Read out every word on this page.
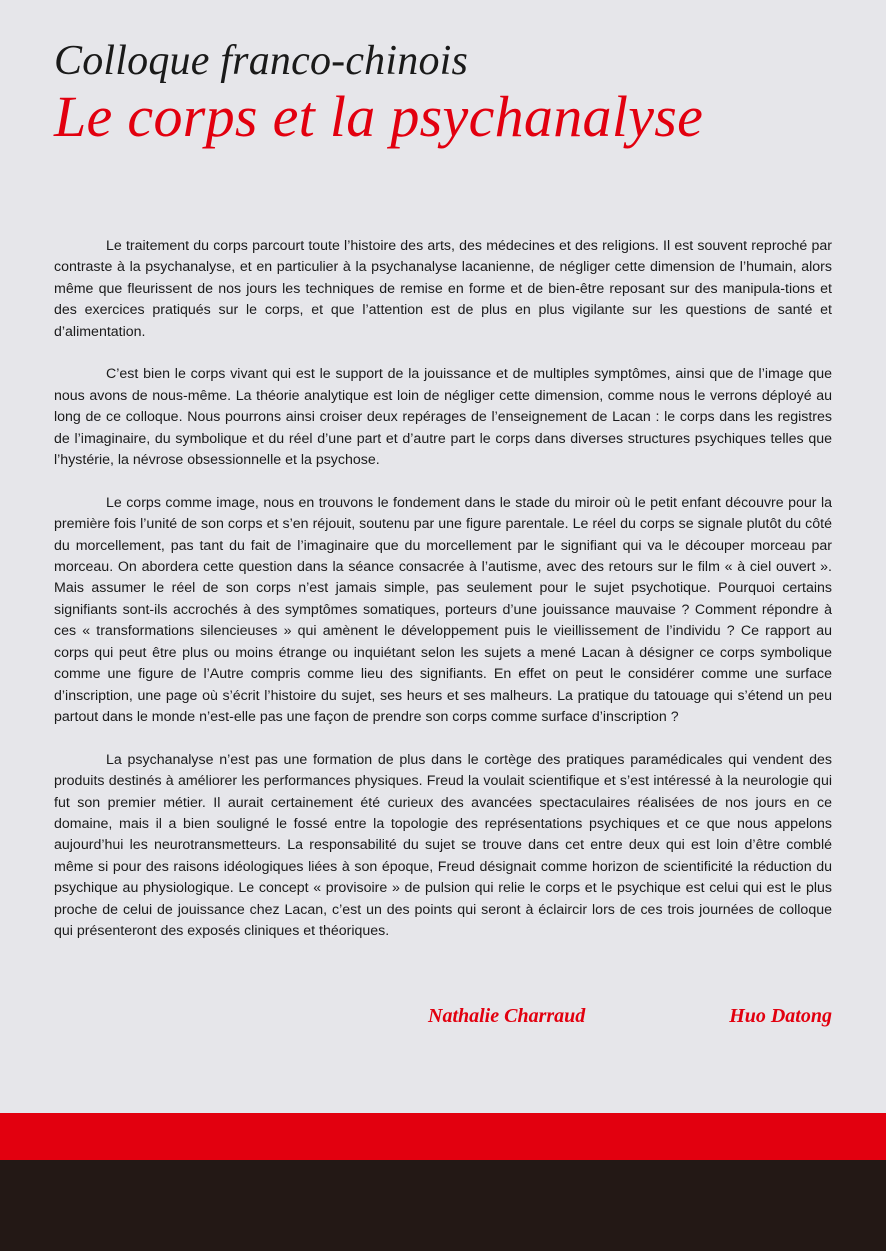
Colloque franco-chinois
Le corps et la psychanalyse

Le traitement du corps parcourt toute l’histoire des arts, des médecines et des religions. Il est souvent reproché par contraste à la psychanalyse, et en particulier à la psychanalyse lacanienne, de négliger cette dimension de l’humain, alors même que fleurissent de nos jours les techniques de remise en forme et de bien-être reposant sur des manipula-tions et des exercices pratiqués sur le corps, et que l’attention est de plus en plus vigilante sur les questions de santé et d’alimentation.

C’est bien le corps vivant qui est le support de la jouissance et de multiples symptômes, ainsi que de l’image que nous avons de nous-même. La théorie analytique est loin de négliger cette dimension, comme nous le verrons déployé au long de ce colloque. Nous pourrons ainsi croiser deux repérages de l’enseignement de Lacan : le corps dans les registres de l’imaginaire, du symbolique et du réel d’une part et d’autre part le corps dans diverses structures psychiques telles que l’hystérie, la névrose obsessionnelle et la psychose.

Le corps comme image, nous en trouvons le fondement dans le stade du miroir où le petit enfant découvre pour la première fois l’unité de son corps et s’en réjouit, soutenu par une figure parentale. Le réel du corps se signale plutôt du côté du morcellement, pas tant du fait de l’imaginaire que du morcellement par le signifiant qui va le découper morceau par morceau. On abordera cette question dans la séance consacrée à l’autisme, avec des retours sur le film « à ciel ouvert ». Mais assumer le réel de son corps n’est jamais simple, pas seulement pour le sujet psychotique. Pourquoi certains signifiants sont-ils accrochés à des symptômes somatiques, porteurs d’une jouissance mauvaise ? Comment répondre à ces « transformations silencieuses » qui amènent le développement puis le vieillissement de l’individu ? Ce rapport au corps qui peut être plus ou moins étrange ou inquiétant selon les sujets a mené Lacan à désigner ce corps symbolique comme une figure de l’Autre compris comme lieu des signifiants. En effet on peut le considérer comme une surface d’inscription, une page où s’écrit l’histoire du sujet, ses heurs et ses malheurs. La pratique du tatouage qui s’étend un peu partout dans le monde n’est-elle pas une façon de prendre son corps comme surface d’inscription ?

La psychanalyse n’est pas une formation de plus dans le cortège des pratiques paramédicales qui vendent des produits destinés à améliorer les performances physiques. Freud la voulait scientifique et s’est intéressé à la neurologie qui fut son premier métier. Il aurait certainement été curieux des avancées spectaculaires réalisées de nos jours en ce domaine, mais il a bien souligné le fossé entre la topologie des représentations psychiques et ce que nous appelons aujourd’hui les neurotransmetteurs. La responsabilité du sujet se trouve dans cet entre deux qui est loin d’être comblé même si pour des raisons idéologiques liées à son époque, Freud désignait comme horizon de scientificité la réduction du psychique au physiologique. Le concept « provisoire » de pulsion qui relie le corps et le psychique est celui qui est le plus proche de celui de jouissance chez Lacan, c’est un des points qui seront à éclaircir lors de ces trois journées de colloque qui présenteront des exposés cliniques et théoriques.

Nathalie Charraud	Huo Datong
